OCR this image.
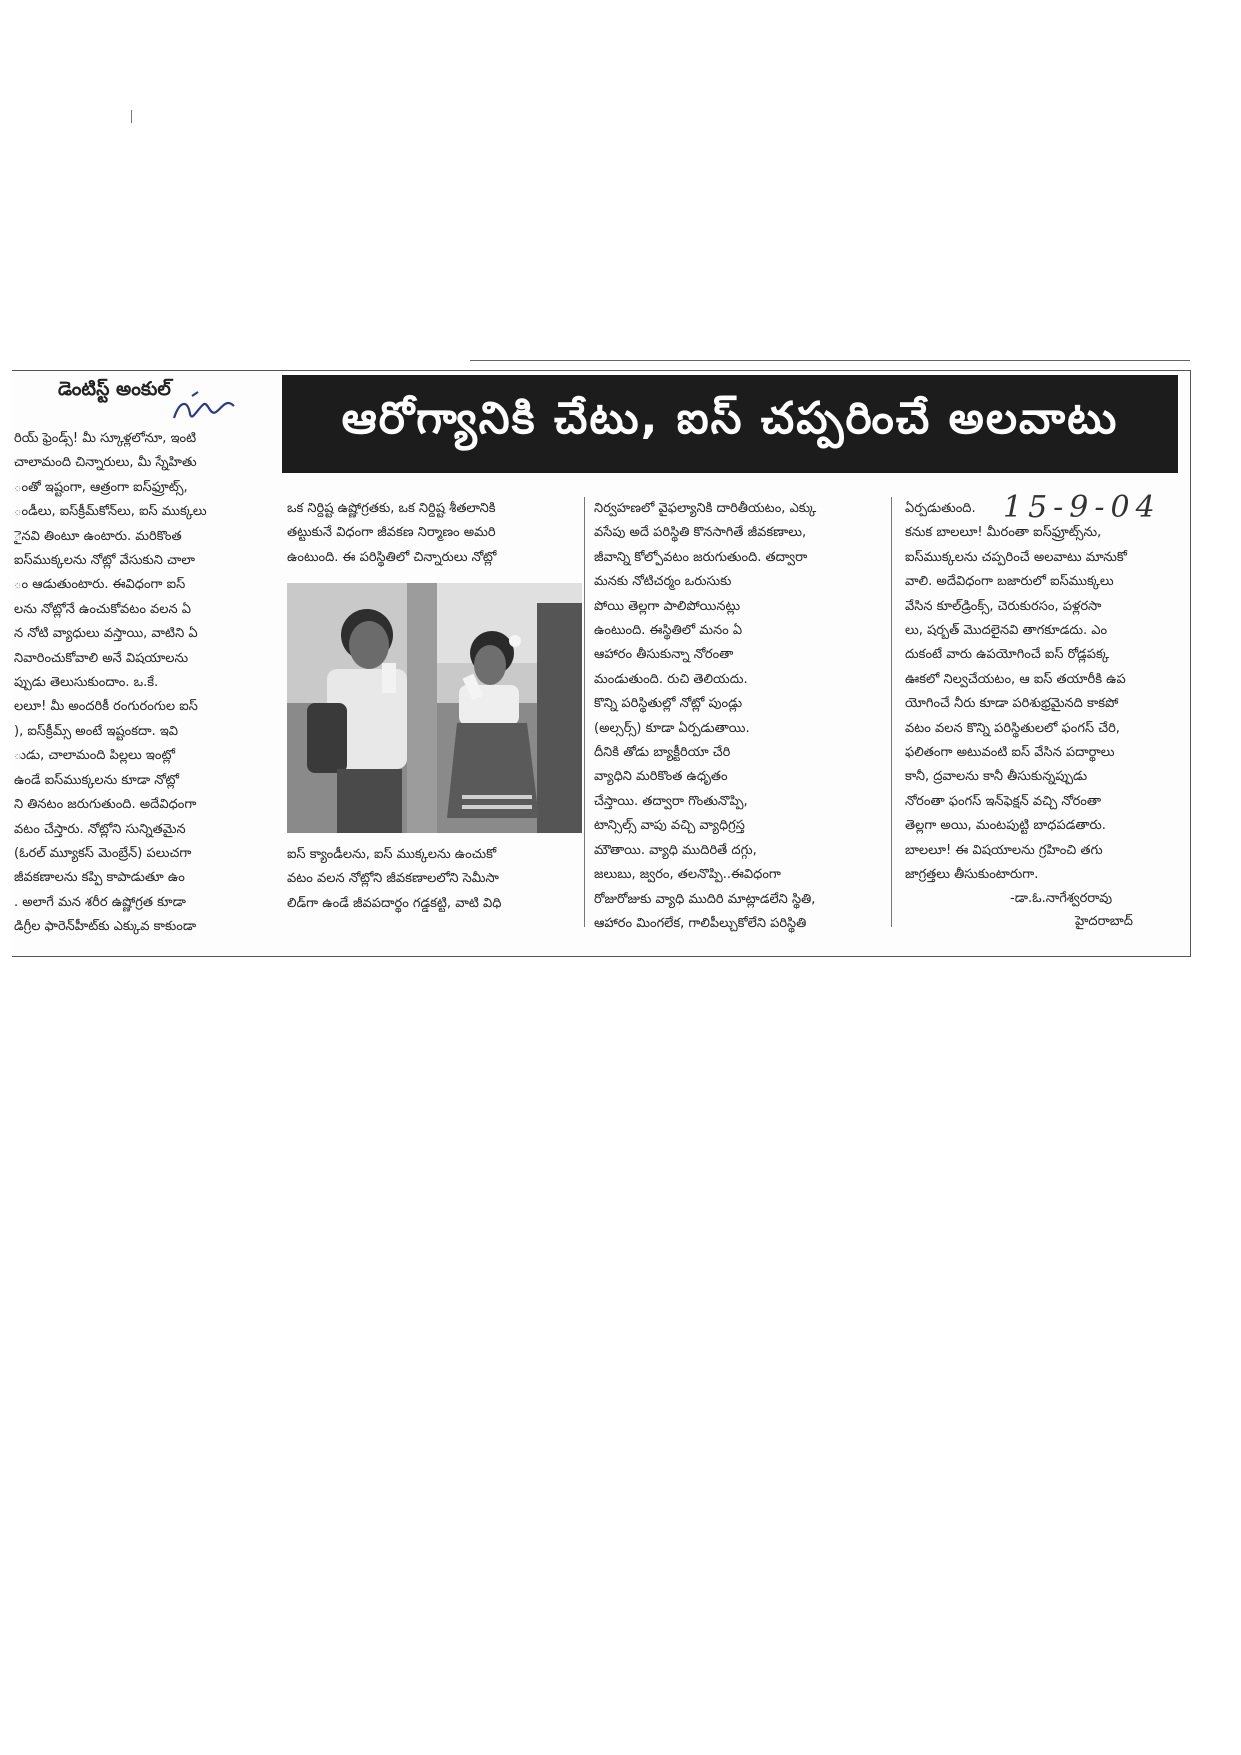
డెంటిస్ట్ అంకుల్
ఆరోగ్యానికి చేటు, ఐస్ చప్పరించే అలవాటు
రియ్ ఫ్రెండ్స్! మీ స్కూళ్లలోనూ, ఇంటి
చాలామంది చిన్నారులు, మీ స్నేహితు
ంతో ఇష్టంగా, ఆత్రంగా ఐస్‌ఫ్రూట్స్,
ండీలు, ఐస్‌క్రీమ్‌కోన్‌లు, ఐస్ ముక్కలు
ైనవి తింటూ ఉంటారు. మరికొంత
ఐస్‌ముక్కలను నోట్లో వేసుకుని చాలా
ం ఆడుతుంటారు. ఈవిధంగా ఐస్
లను నోట్లోనే ఉంచుకోవటం వలన ఏ
న నోటి వ్యాధులు వస్తాయి, వాటిని ఏ
నివారించుకోవాలి అనే విషయాలను
ప్పుడు తెలుసుకుందాం. ఒ.కే.
లలూ! మీ అందరికీ రంగురంగుల ఐస్
), ఐస్‌క్రీమ్స్ అంటే ఇష్టంకదా. ఇవి
ుడు, చాలామంది పిల్లలు ఇంట్లో
ఉండే ఐస్‌ముక్కలను కూడా నోట్లో
ని తినటం జరుగుతుంది. అదేవిధంగా
వటం చేస్తారు. నోట్లోని సున్నితమైన
(ఓరల్ మ్యూకస్ మెంబ్రేన్) పలుచగా
జీవకణాలను కప్పి కాపాడుతూ ఉం
. అలాగే మన శరీర ఉష్ణోగ్రత కూడా
డిగ్రీల ఫారెన్‌హీట్‌కు ఎక్కువ కాకుండా
ఒక నిర్దిష్ట ఉష్ణోగ్రతకు, ఒక నిర్దిష్ట శీతలానికి
తట్టుకునే విధంగా జీవకణ నిర్మాణం అమరి
ఉంటుంది. ఈ పరిస్థితిలో చిన్నారులు నోట్లో
ఐస్ క్యాండీలను, ఐస్ ముక్కలను ఉంచుకో
వటం వలన నోట్లోని జీవకణాలలోని సెమీసా
లిడ్‌గా ఉండే జీవపదార్థం గడ్డకట్టి, వాటి విధి
నిర్వహణలో వైఫల్యానికి దారితీయటం, ఎక్కు
వసేపు అదే పరిస్థితి కొనసాగితే జీవకణాలు,
జీవాన్ని కోల్పోవటం జరుగుతుంది. తద్వారా
మనకు నోటిచర్మం ఒరుసుకు
పోయి తెల్లగా పాలిపోయినట్లు
ఉంటుంది. ఈస్థితిలో మనం ఏ
ఆహారం తీసుకున్నా నోరంతా
మండుతుంది. రుచి తెలియదు.
కొన్ని పరిస్థితుల్లో నోట్లో పుండ్లు
(అల్సర్స్) కూడా ఏర్పడుతాయి.
దీనికి తోడు బ్యాక్టీరియా చేరి
వ్యాధిని మరికొంత ఉధృతం
చేస్తాయి. తద్వారా గొంతునొప్పి,
టాన్సిల్స్ వాపు వచ్చి వ్యాధిగ్రస్త
మౌతాయి. వ్యాధి ముదిరితే దగ్గు,
జలుబు, జ్వరం, తలనొప్పి..ఈవిధంగా
రోజురోజుకు వ్యాధి ముదిరి మాట్లాడలేని స్థితి,
ఆహారం మింగలేక, గాలిపీల్చుకోలేని పరిస్థితి
ఏర్పడుతుంది.
కనుక బాలలూ! మీరంతా ఐస్‌ఫ్రూట్స్‌ను,
ఐస్‌ముక్కలను చప్పరించే అలవాటు మానుకో
వాలి. అదేవిధంగా బజారులో ఐస్‌ముక్కలు
వేసిన కూల్‌డ్రింక్స్, చెరుకురసం, పళ్లరసా
లు, షర్బత్ మొదలైనవి తాగకూడదు. ఎం
దుకంటే వారు ఉపయోగించే ఐస్ రోడ్లపక్క
ఊకలో నిల్వచేయటం, ఆ ఐస్ తయారీకి ఉప
యోగించే నీరు కూడా పరిశుభ్రమైనది కాకపో
వటం వలన కొన్ని పరిస్థితులలో ఫంగస్ చేరి,
ఫలితంగా అటువంటి ఐస్ వేసిన పదార్థాలు
కానీ, ద్రవాలను కానీ తీసుకున్నప్పుడు
నోరంతా ఫంగస్ ఇన్‌ఫెక్షన్ వచ్చి నోరంతా
తెల్లగా అయి, మంటపుట్టి బాధపడతారు.
బాలలూ! ఈ విషయాలను గ్రహించి తగు
జాగ్రత్తలు తీసుకుంటారుగా.
15-9-04
-డా.ఓ.నాగేశ్వరరావు
హైదరాబాద్
